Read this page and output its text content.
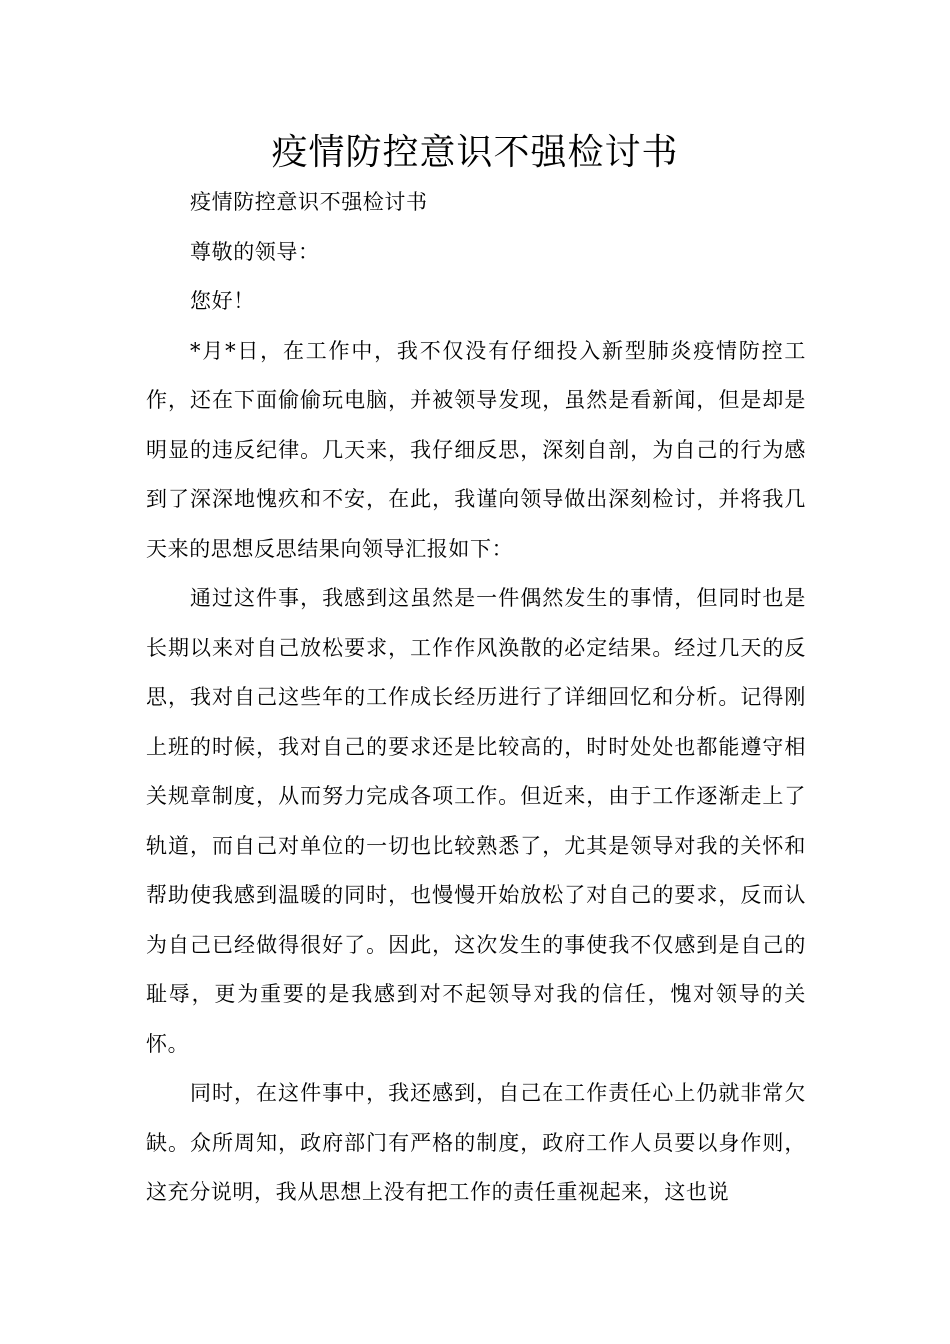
疫情防控意识不强检讨书

疫情防控意识不强检讨书

尊敬的领导：

您好！

*月*日，在工作中，我不仅没有仔细投入新型肺炎疫情防控工作，还在下面偷偷玩电脑，并被领导发现，虽然是看新闻，但是却是明显的违反纪律。几天来，我仔细反思，深刻自剖，为自己的行为感到了深深地愧疚和不安，在此，我谨向领导做出深刻检讨，并将我几天来的思想反思结果向领导汇报如下：

通过这件事，我感到这虽然是一件偶然发生的事情，但同时也是长期以来对自己放松要求，工作作风涣散的必定结果。经过几天的反思，我对自己这些年的工作成长经历进行了详细回忆和分析。记得刚上班的时候，我对自己的要求还是比较高的，时时处处也都能遵守相关规章制度，从而努力完成各项工作。但近来，由于工作逐渐走上了轨道，而自己对单位的一切也比较熟悉了，尤其是领导对我的关怀和帮助使我感到温暖的同时，也慢慢开始放松了对自己的要求，反而认为自己已经做得很好了。因此，这次发生的事使我不仅感到是自己的耻辱，更为重要的是我感到对不起领导对我的信任，愧对领导的关怀。

同时，在这件事中，我还感到，自己在工作责任心上仍就非常欠缺。众所周知，政府部门有严格的制度，政府工作人员要以身作则，这充分说明，我从思想上没有把工作的责任重视起来，这也说
